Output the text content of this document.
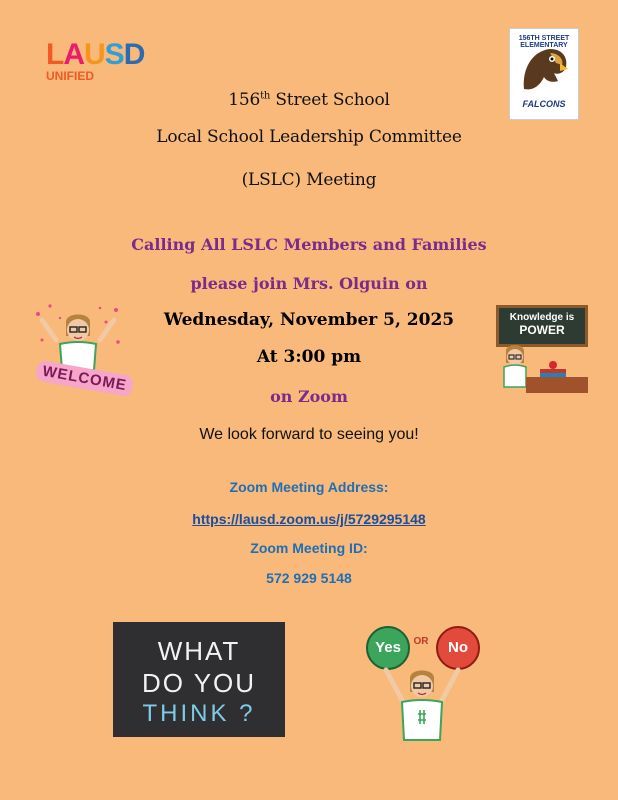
LAUSD
UNIFIED
156TH STREET ELEMENTARY
FALCONS
156th Street School
Local School Leadership Committee
(LSLC) Meeting
Calling All LSLC Members and Families
please join Mrs. Olguin on
Wednesday, November 5, 2025
At 3:00 pm
on Zoom
We look forward to seeing you!
Zoom Meeting Address:
https://lausd.zoom.us/j/5729295148
Zoom Meeting ID:
572 929 5148
WELCOME
Knowledge is
POWER
WHAT
DO YOU
THINK ?
Yes	OR	No
